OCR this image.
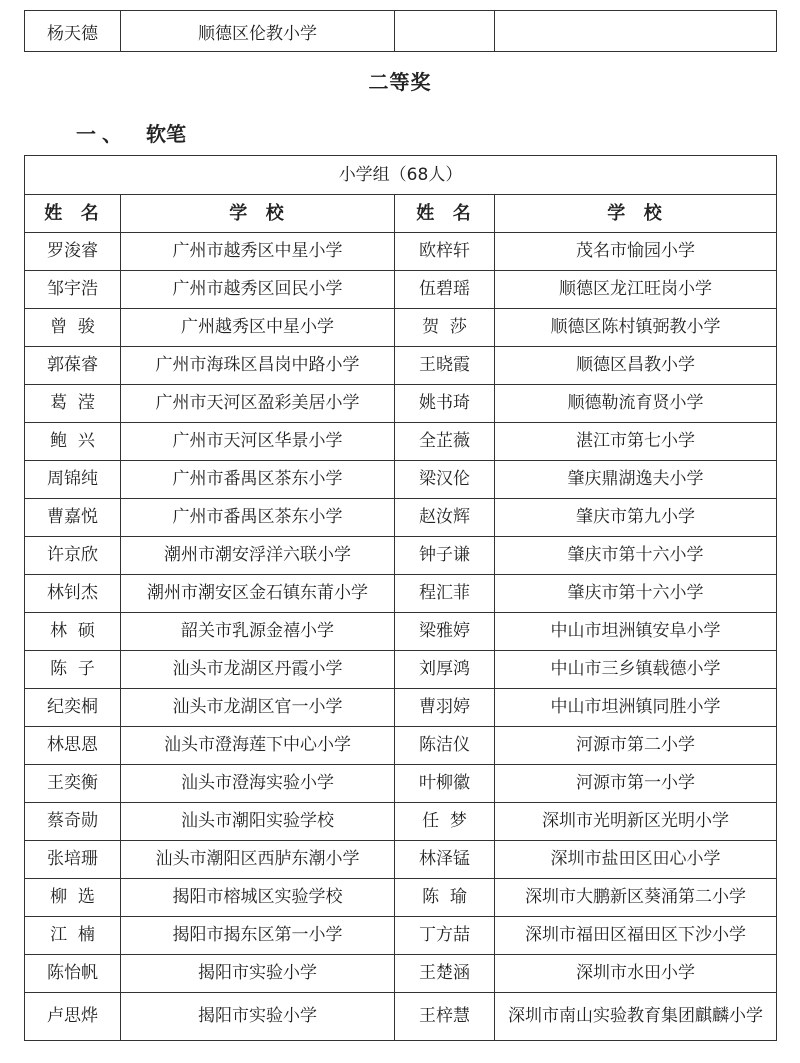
杨天德	顺德区伦教小学		
二等奖
一、 软笔
小学组（68人）			
姓  名	学  校	姓  名	学  校
罗浚睿	广州市越秀区中星小学	欧梓轩	茂名市愉园小学
邹宇浩	广州市越秀区回民小学	伍碧瑶	顺德区龙江旺岗小学
曾  骏	广州越秀区中星小学	贺  莎	顺德区陈村镇弼教小学
郭葆睿	广州市海珠区昌岗中路小学	王晓霞	顺德区昌教小学
葛  滢	广州市天河区盈彩美居小学	姚书琦	顺德勒流育贤小学
鲍  兴	广州市天河区华景小学	全芷薇	湛江市第七小学
周锦纯	广州市番禺区茶东小学	梁汉伦	肇庆鼎湖逸夫小学
曹嘉悦	广州市番禺区茶东小学	赵汝辉	肇庆市第九小学
许京欣	潮州市潮安浮洋六联小学	钟子谦	肇庆市第十六小学
林钊杰	潮州市潮安区金石镇东莆小学	程汇菲	肇庆市第十六小学
林  硕	韶关市乳源金禧小学	梁雅婷	中山市坦洲镇安阜小学
陈  子	汕头市龙湖区丹霞小学	刘厚鸿	中山市三乡镇载德小学
纪奕桐	汕头市龙湖区官一小学	曹羽婷	中山市坦洲镇同胜小学
林思恩	汕头市澄海莲下中心小学	陈洁仪	河源市第二小学
王奕衡	汕头市澄海实验小学	叶柳徽	河源市第一小学
蔡奇勋	汕头市潮阳实验学校	任  梦	深圳市光明新区光明小学
张培珊	汕头市潮阳区西胪东潮小学	林泽锰	深圳市盐田区田心小学
柳  选	揭阳市榕城区实验学校	陈  瑜	深圳市大鹏新区葵涌第二小学
江  楠	揭阳市揭东区第一小学	丁方喆	深圳市福田区福田区下沙小学
陈怡帆	揭阳市实验小学	王楚涵	深圳市水田小学
卢思烨	揭阳市实验小学	王梓慧	深圳市南山实验教育集团麒麟小学
